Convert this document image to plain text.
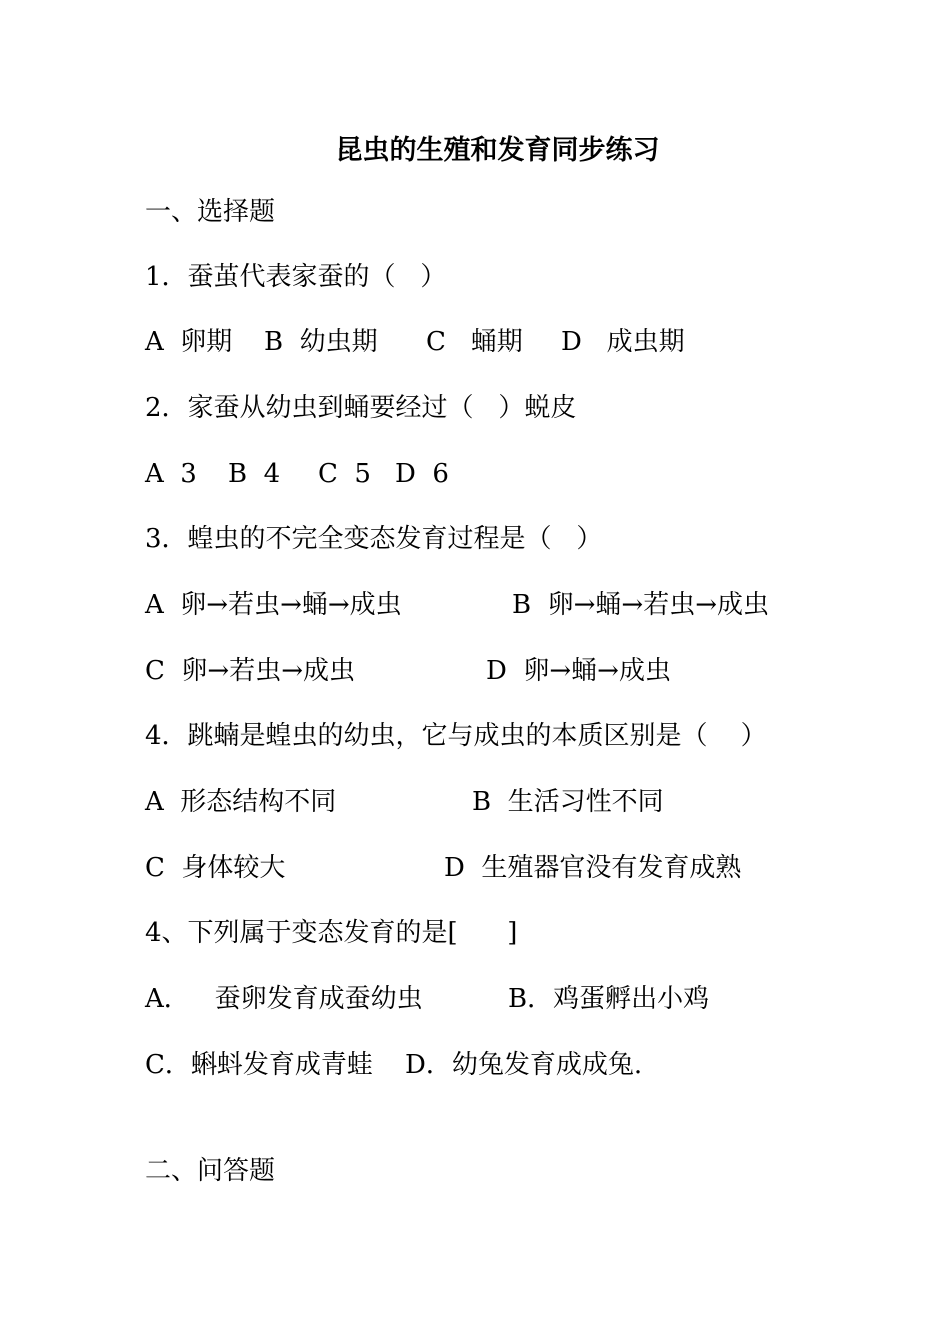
昆虫的生殖和发育同步练习
一、选择题
1．蚕茧代表家蚕的（   ）
A  卵期 B  幼虫期 C   蛹期 D   成虫期
2．家蚕从幼虫到蛹要经过（   ）蜕皮
A  3 B  4 C  5 D  6
3．蝗虫的不完全变态发育过程是（   ）
A  卵→若虫→蛹→成虫	B  卵→蛹→若虫→成虫
C  卵→若虫→成虫	D  卵→蛹→成虫
4．跳蝻是蝗虫的幼虫，它与成虫的本质区别是（    ）
A  形态结构不同	B  生活习性不同
C  身体较大	D  生殖器官没有发育成熟
4、下列属于变态发育的是[      ]
A．   蚕卵发育成蚕幼虫	B．鸡蛋孵出小鸡
C．蝌蚪发育成青蛙 D．幼兔发育成成兔.
二、问答题
